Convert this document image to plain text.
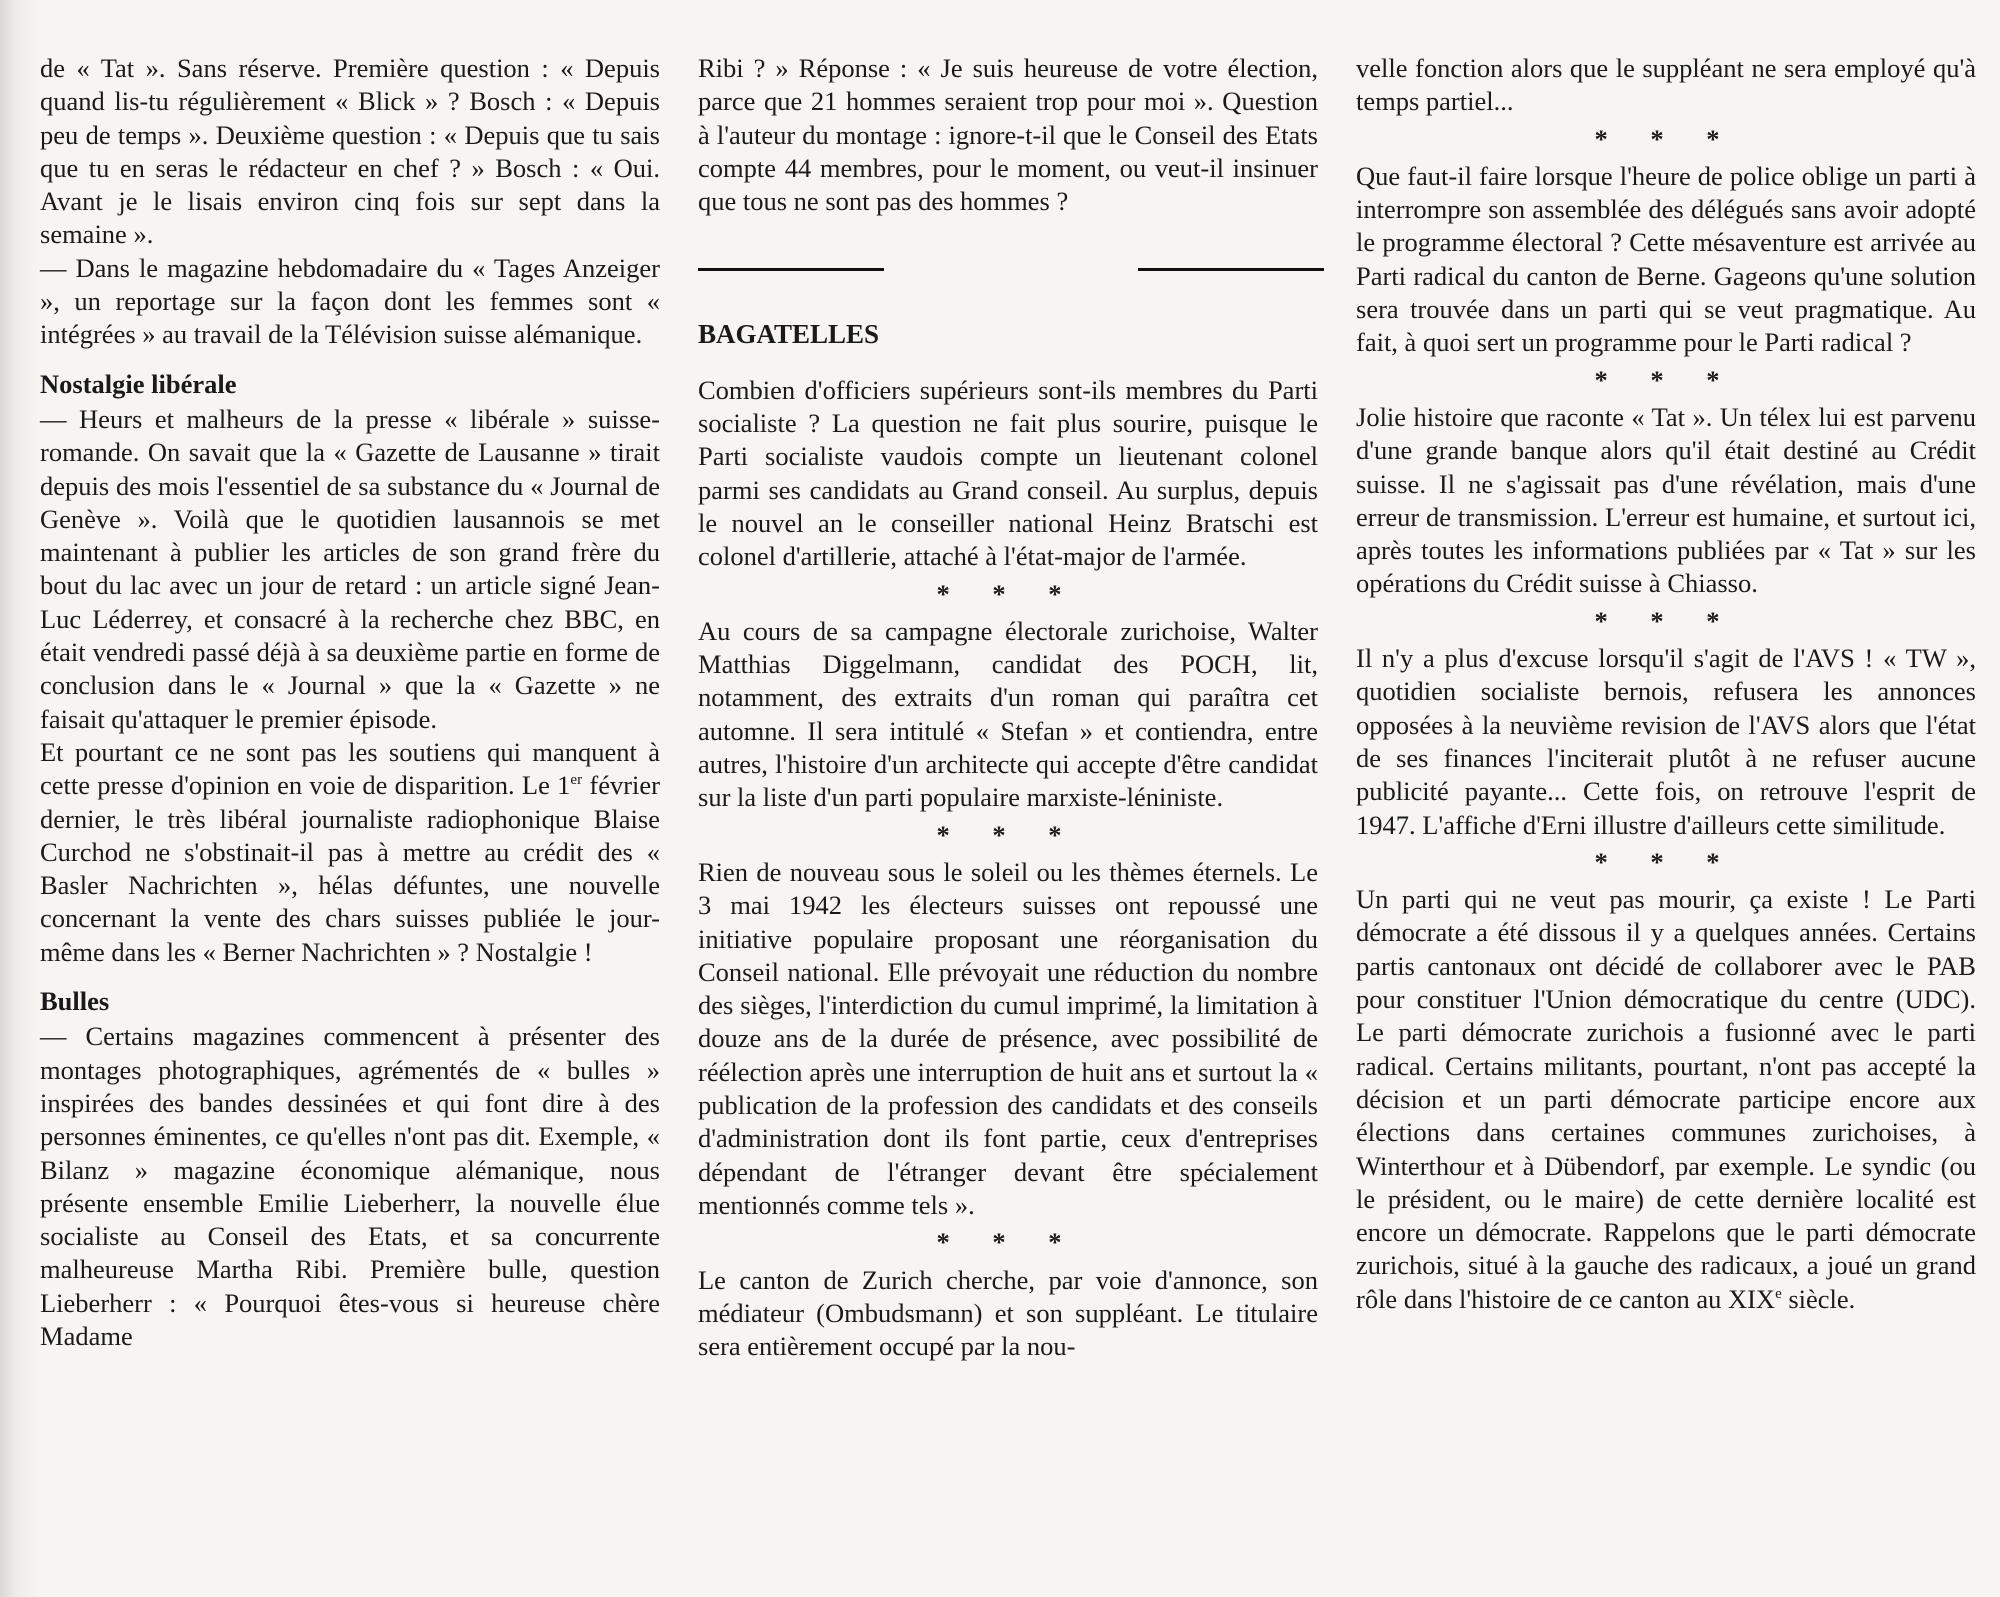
de « Tat ». Sans réserve. Première question : « Depuis quand lis-tu régulièrement « Blick » ? Bosch : « Depuis peu de temps ». Deuxième question : « Depuis que tu sais que tu en seras le rédacteur en chef ? » Bosch : « Oui. Avant je le lisais environ cinq fois sur sept dans la semaine ».

— Dans le magazine hebdomadaire du « Tages Anzeiger », un reportage sur la façon dont les femmes sont « intégrées » au travail de la Télévision suisse alémanique.

Nostalgie libérale

— Heurs et malheurs de la presse « libérale » suisse-romande. On savait que la « Gazette de Lausanne » tirait depuis des mois l'essentiel de sa substance du « Journal de Genève ». Voilà que le quotidien lausannois se met maintenant à publier les articles de son grand frère du bout du lac avec un jour de retard : un article signé Jean-Luc Léderrey, et consacré à la recherche chez BBC, en était vendredi passé déjà à sa deuxième partie en forme de conclusion dans le « Journal » que la « Gazette » ne faisait qu'attaquer le premier épisode.

Et pourtant ce ne sont pas les soutiens qui manquent à cette presse d'opinion en voie de disparition. Le 1er février dernier, le très libéral journaliste radiophonique Blaise Curchod ne s'obstinait-il pas à mettre au crédit des « Basler Nachrichten », hélas défuntes, une nouvelle concernant la vente des chars suisses publiée le jour-même dans les « Berner Nachrichten » ? Nostalgie !

Bulles

— Certains magazines commencent à présenter des montages photographiques, agrémentés de « bulles » inspirées des bandes dessinées et qui font dire à des personnes éminentes, ce qu'elles n'ont pas dit. Exemple, « Bilanz » magazine économique alémanique, nous présente ensemble Emilie Lieberherr, la nouvelle élue socialiste au Conseil des Etats, et sa concurrente malheureuse Martha Ribi. Première bulle, question Lieberherr : « Pourquoi êtes-vous si heureuse chère Madame

Ribi ? » Réponse : « Je suis heureuse de votre élection, parce que 21 hommes seraient trop pour moi ». Question à l'auteur du montage : ignore-t-il que le Conseil des Etats compte 44 membres, pour le moment, ou veut-il insinuer que tous ne sont pas des hommes ?

BAGATELLES

Combien d'officiers supérieurs sont-ils membres du Parti socialiste ? La question ne fait plus sourire, puisque le Parti socialiste vaudois compte un lieutenant colonel parmi ses candidats au Grand conseil. Au surplus, depuis le nouvel an le conseiller national Heinz Bratschi est colonel d'artillerie, attaché à l'état-major de l'armée.

* * *

Au cours de sa campagne électorale zurichoise, Walter Matthias Diggelmann, candidat des POCH, lit, notamment, des extraits d'un roman qui paraîtra cet automne. Il sera intitulé « Stefan » et contiendra, entre autres, l'histoire d'un architecte qui accepte d'être candidat sur la liste d'un parti populaire marxiste-léniniste.

* * *

Rien de nouveau sous le soleil ou les thèmes éternels. Le 3 mai 1942 les électeurs suisses ont repoussé une initiative populaire proposant une réorganisation du Conseil national. Elle prévoyait une réduction du nombre des sièges, l'interdiction du cumul imprimé, la limitation à douze ans de la durée de présence, avec possibilité de réélection après une interruption de huit ans et surtout la « publication de la profession des candidats et des conseils d'administration dont ils font partie, ceux d'entreprises dépendant de l'étranger devant être spécialement mentionnés comme tels ».

* * *

Le canton de Zurich cherche, par voie d'annonce, son médiateur (Ombudsmann) et son suppléant. Le titulaire sera entièrement occupé par la nou-

velle fonction alors que le suppléant ne sera employé qu'à temps partiel...

* * *

Que faut-il faire lorsque l'heure de police oblige un parti à interrompre son assemblée des délégués sans avoir adopté le programme électoral ? Cette mésaventure est arrivée au Parti radical du canton de Berne. Gageons qu'une solution sera trouvée dans un parti qui se veut pragmatique. Au fait, à quoi sert un programme pour le Parti radical ?

* * *

Jolie histoire que raconte « Tat ». Un télex lui est parvenu d'une grande banque alors qu'il était destiné au Crédit suisse. Il ne s'agissait pas d'une révélation, mais d'une erreur de transmission. L'erreur est humaine, et surtout ici, après toutes les informations publiées par « Tat » sur les opérations du Crédit suisse à Chiasso.

* * *

Il n'y a plus d'excuse lorsqu'il s'agit de l'AVS ! « TW », quotidien socialiste bernois, refusera les annonces opposées à la neuvième revision de l'AVS alors que l'état de ses finances l'inciterait plutôt à ne refuser aucune publicité payante... Cette fois, on retrouve l'esprit de 1947. L'affiche d'Erni illustre d'ailleurs cette similitude.

* * *

Un parti qui ne veut pas mourir, ça existe ! Le Parti démocrate a été dissous il y a quelques années. Certains partis cantonaux ont décidé de collaborer avec le PAB pour constituer l'Union démocratique du centre (UDC). Le parti démocrate zurichois a fusionné avec le parti radical. Certains militants, pourtant, n'ont pas accepté la décision et un parti démocrate participe encore aux élections dans certaines communes zurichoises, à Winterthour et à Dübendorf, par exemple. Le syndic (ou le président, ou le maire) de cette dernière localité est encore un démocrate. Rappelons que le parti démocrate zurichois, situé à la gauche des radicaux, a joué un grand rôle dans l'histoire de ce canton au XIXe siècle.
